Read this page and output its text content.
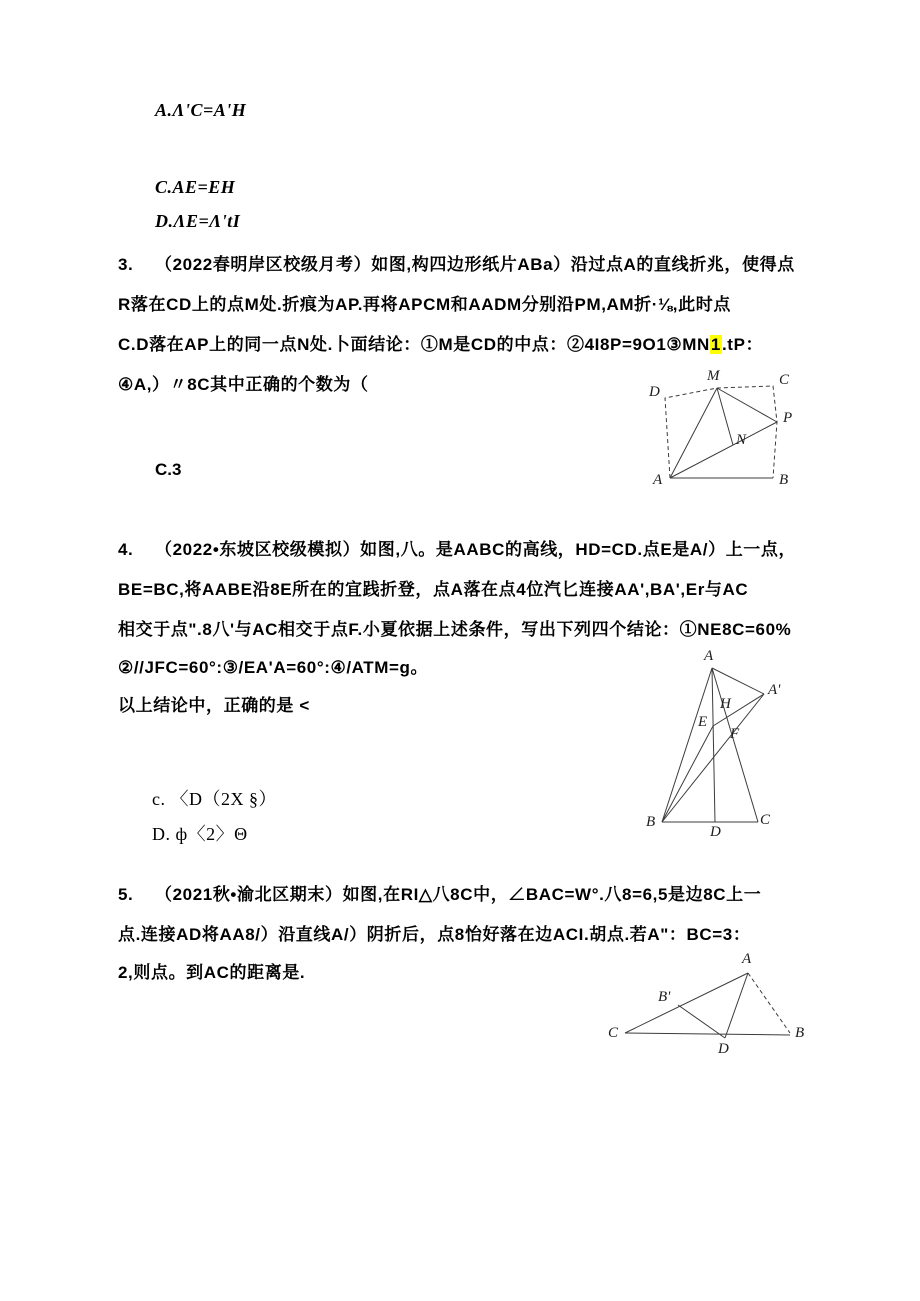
A.Λ'C=A'H
C.AE=EH
D.ΛE=Λ'tI
3. （2022春明岸区校级月考）如图,构四边形纸片ABa）沿过点A的直线折兆，使得点
R落在CD上的点M处.折痕为AP.再将APCM和AADM分别沿PM,AM折·⅛,此时点
C.D落在AP上的同一点N处.卜面结论：①M是CD的中点：②4I8P=9O1③MN1.tP：
④A,）〃8C其中正确的个数为（
C.3
M	C
D
P
N
A	B
4. （2022•东坡区校级模拟）如图,八。是AABC的高线，HD=CD.点E是A/）上一点，
BE=BC,将AABE沿8E所在的宜践折登，点A落在点4位汽匕连接AA',BA',Er与AC
相交于点".8八'与AC相交于点F.小夏依据上述条件，写出下列四个结论：①NE8C=60%
②//JFC=60°:③/EA'A=60°:④/ATM=g。
以上结论中，正确的是 <
c. 〈D（2X §）
D. ф〈2〉Θ
A
A'
H
E
F
B
D
C
5. （2021秋•渝北区期末）如图,在RI△八8C中，∠BAC=W°.八8=6,5是边8C上一
点.连接AD将AA8/）沿直线A/）阴折后，点8怡好落在边ACI.胡点.若A"：BC=3：
2,则点。到AC的距离是.
A
B'
C
D
B
